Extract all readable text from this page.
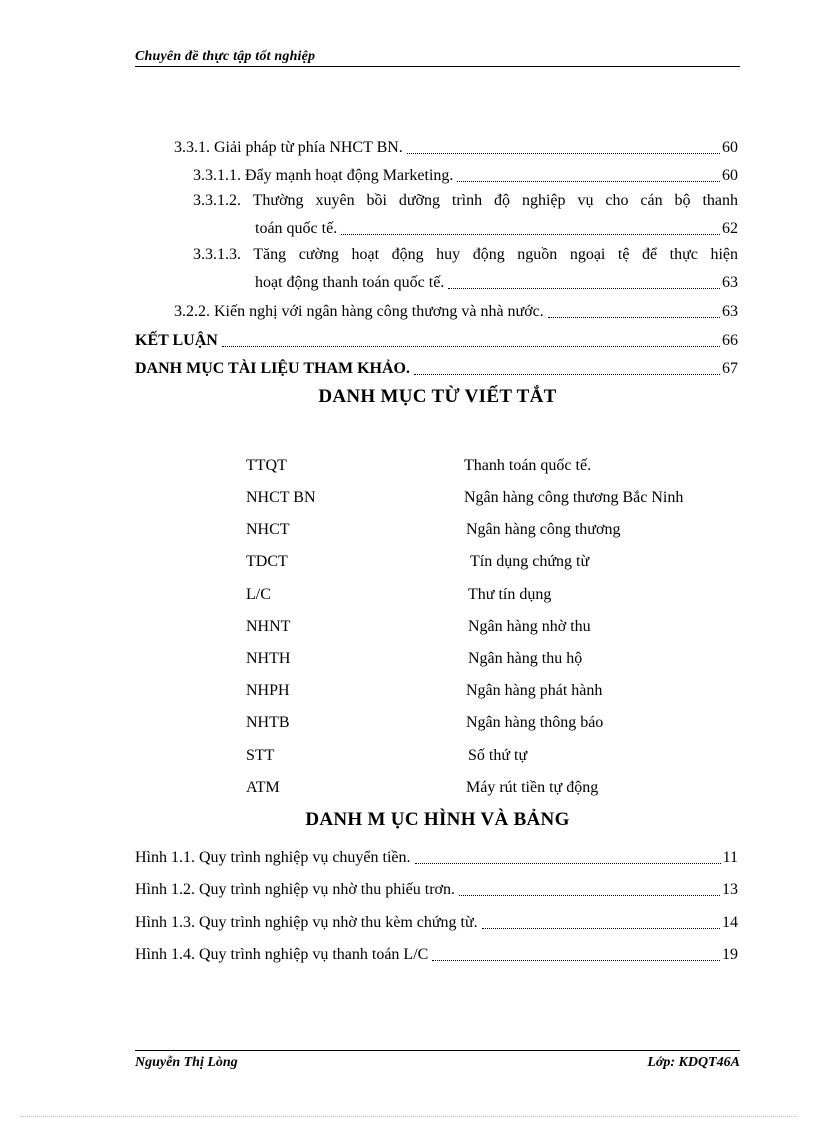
Chuyên đề thực tập tốt nghiệp
3.3.1. Giải pháp từ phía NHCT BN.	60
3.3.1.1. Đẩy mạnh hoạt động Marketing.	60
3.3.1.2. Thường xuyên bồi dưỡng trình độ nghiệp vụ cho cán bộ thanh
toán quốc tế.	62
3.3.1.3. Tăng cường hoạt động huy động nguồn ngoại tệ để thực hiện
hoạt động thanh toán quốc tế.	63
3.2.2. Kiến nghị với ngân hàng công thương và nhà nước.	63
KẾT LUẬN	66
DANH MỤC TÀI LIỆU THAM KHẢO.	67
DANH MỤC TỪ VIẾT TẮT
TTQT	Thanh toán quốc tế.
NHCT BN	Ngân hàng công thương Bắc Ninh
NHCT	Ngân hàng công thương
TDCT	Tín dụng chứng từ
L/C	Thư tín dụng
NHNT	Ngân hàng nhờ thu
NHTH	Ngân hàng thu hộ
NHPH	Ngân hàng phát hành
NHTB	Ngân hàng thông báo
STT	Số thứ tự
ATM	Máy rút tiền tự động
DANH M ỤC HÌNH VÀ BẢNG
Hình 1.1. Quy trình nghiệp vụ chuyển tiền.	11
Hình 1.2. Quy trình nghiệp vụ nhờ thu phiếu trơn.	13
Hình 1.3. Quy trình nghiệp vụ nhờ thu kèm chứng từ.	14
Hình 1.4. Quy trình nghiệp vụ thanh toán L/C	19
Nguyễn Thị Lòng	Lớp: KDQT46A
